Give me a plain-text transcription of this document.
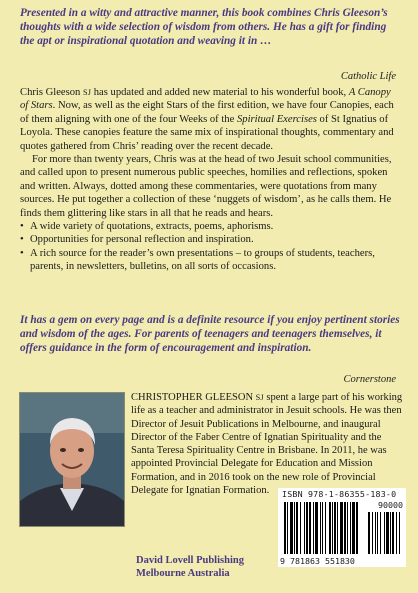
Presented in a witty and attractive manner, this book combines Chris Gleeson’s thoughts with a wide selection of wisdom from others. He has a gift for finding the apt or inspirational quotation and weaving it in …
Catholic Life

Chris Gleeson SJ has updated and added new material to his wonderful book, A Canopy of Stars. Now, as well as the eight Stars of the first edition, we have four Canopies, each of them aligning with one of the four Weeks of the Spiritual Exercises of St Ignatius of Loyola. These canopies feature the same mix of inspirational thoughts, commentary and quotes gathered from Chris’ reading over the recent decade.

For more than twenty years, Chris was at the head of two Jesuit school communities, and called upon to present numerous public speeches, homilies and reflections, spoken and written. Always, dotted among these commentaries, were quotations from many sources. He put together a collection of these ‘nuggets of wisdom’, as he calls them. He finds them glittering like stars in all that he reads and hears.

• A wide variety of quotations, extracts, poems, aphorisms.
• Opportunities for personal reflection and inspiration.
• A rich source for the reader’s own presentations – to groups of students, teachers, parents, in newsletters, bulletins, on all sorts of occasions.
It has a gem on every page and is a definite resource if you enjoy pertinent stories and wisdom of the ages. For parents of teenagers and teenagers themselves, it offers guidance in the form of encouragement and inspiration.
Cornerstone
CHRISTOPHER GLEESON SJ spent a large part of his working life as a teacher and administrator in Jesuit schools. He was then Director of Jesuit Publications in Melbourne, and inaugural Director of the Faber Centre of Ignatian Spirituality and the Santa Teresa Spirituality Centre in Brisbane. In 2011, he was appointed Provincial Delegate for Education and Mission Formation, and in 2016 took on the new role of Provincial Delegate for Ignatian Formation.
David Lovell Publishing
Melbourne Australia
ISBN 978-1-86355-183-0
90000
9 781863 551830
